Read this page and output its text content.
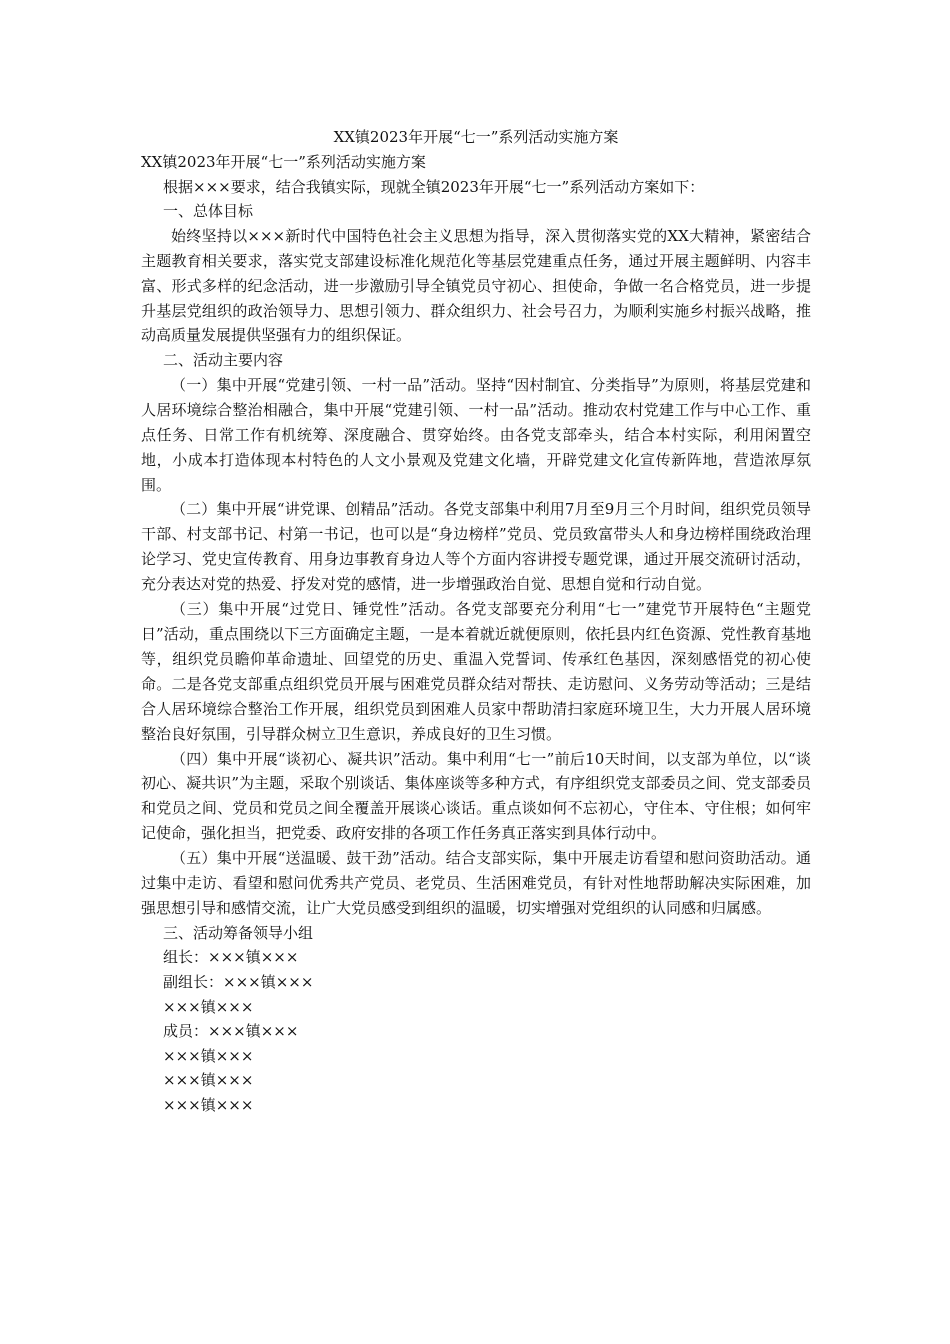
XX镇2023年开展“七一”系列活动实施方案

XX镇2023年开展“七一”系列活动实施方案

根据×××要求，结合我镇实际，现就全镇2023年开展“七一”系列活动方案如下：

一、总体目标

始终坚持以×××新时代中国特色社会主义思想为指导，深入贯彻落实党的XX大精神，紧密结合主题教育相关要求，落实党支部建设标准化规范化等基层党建重点任务，通过开展主题鲜明、内容丰富、形式多样的纪念活动，进一步激励引导全镇党员守初心、担使命，争做一名合格党员，进一步提升基层党组织的政治领导力、思想引领力、群众组织力、社会号召力，为顺利实施乡村振兴战略，推动高质量发展提供坚强有力的组织保证。

二、活动主要内容

（一）集中开展“党建引领、一村一品”活动。坚持“因村制宜、分类指导”为原则，将基层党建和人居环境综合整治相融合，集中开展“党建引领、一村一品”活动。推动农村党建工作与中心工作、重点任务、日常工作有机统筹、深度融合、贯穿始终。由各党支部牵头，结合本村实际，利用闲置空地，小成本打造体现本村特色的人文小景观及党建文化墙，开辟党建文化宣传新阵地，营造浓厚氛围。

（二）集中开展“讲党课、创精品”活动。各党支部集中利用7月至9月三个月时间，组织党员领导干部、村支部书记、村第一书记，也可以是“身边榜样”党员、党员致富带头人和身边榜样围绕政治理论学习、党史宣传教育、用身边事教育身边人等个方面内容讲授专题党课，通过开展交流研讨活动，充分表达对党的热爱、抒发对党的感情，进一步增强政治自觉、思想自觉和行动自觉。

（三）集中开展“过党日、锤党性”活动。各党支部要充分利用“七一”建党节开展特色“主题党日”活动，重点围绕以下三方面确定主题，一是本着就近就便原则，依托县内红色资源、党性教育基地等，组织党员瞻仰革命遗址、回望党的历史、重温入党誓词、传承红色基因，深刻感悟党的初心使命。二是各党支部重点组织党员开展与困难党员群众结对帮扶、走访慰问、义务劳动等活动；三是结合人居环境综合整治工作开展，组织党员到困难人员家中帮助清扫家庭环境卫生，大力开展人居环境整治良好氛围，引导群众树立卫生意识，养成良好的卫生习惯。

（四）集中开展“谈初心、凝共识”活动。集中利用“七一”前后10天时间，以支部为单位，以“谈初心、凝共识”为主题，采取个别谈话、集体座谈等多种方式，有序组织党支部委员之间、党支部委员和党员之间、党员和党员之间全覆盖开展谈心谈话。重点谈如何不忘初心，守住本、守住根；如何牢记使命，强化担当，把党委、政府安排的各项工作任务真正落实到具体行动中。

（五）集中开展“送温暖、鼓干劲”活动。结合支部实际，集中开展走访看望和慰问资助活动。通过集中走访、看望和慰问优秀共产党员、老党员、生活困难党员，有针对性地帮助解决实际困难，加强思想引导和感情交流，让广大党员感受到组织的温暖，切实增强对党组织的认同感和归属感。

三、活动筹备领导小组

组长：×××镇×××

副组长：×××镇×××

×××镇×××

成员：×××镇×××

×××镇×××

×××镇×××

×××镇×××
